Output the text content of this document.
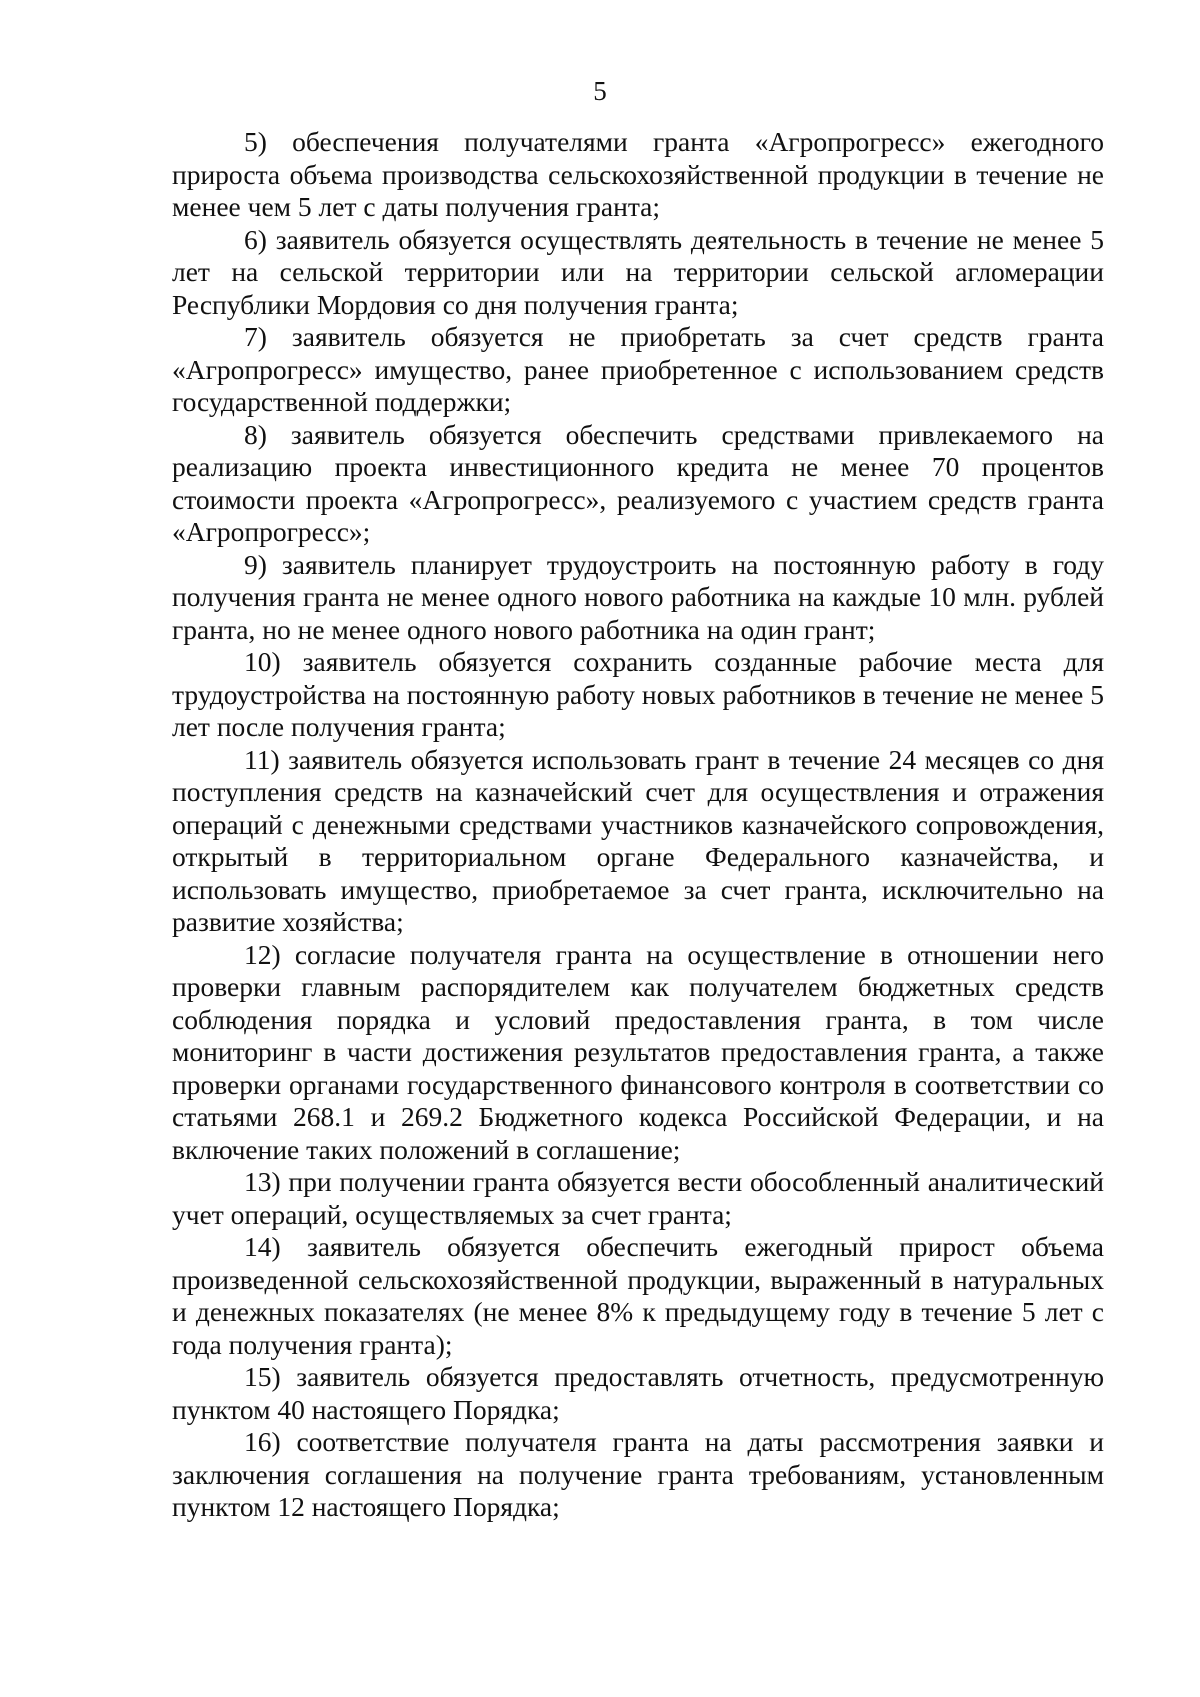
5

5) обеспечения получателями гранта «Агропрогресс» ежегодного прироста объема производства сельскохозяйственной продукции в течение не менее чем 5 лет с даты получения гранта;

6) заявитель обязуется осуществлять деятельность в течение не менее 5 лет на сельской территории или на территории сельской агломерации Республики Мордовия со дня получения гранта;

7) заявитель обязуется не приобретать за счет средств гранта «Агропрогресс» имущество, ранее приобретенное с использованием средств государственной поддержки;

8) заявитель обязуется обеспечить средствами привлекаемого на реализацию проекта инвестиционного кредита не менее 70 процентов стоимости проекта «Агропрогресс», реализуемого с участием средств гранта «Агропрогресс»;

9) заявитель планирует трудоустроить на постоянную работу в году получения гранта не менее одного нового работника на каждые 10 млн. рублей гранта, но не менее одного нового работника на один грант;

10) заявитель обязуется сохранить созданные рабочие места для трудоустройства на постоянную работу новых работников в течение не менее 5 лет после получения гранта;

11) заявитель обязуется использовать грант в течение 24 месяцев со дня поступления средств на казначейский счет для осуществления и отражения операций с денежными средствами участников казначейского сопровождения, открытый в территориальном органе Федерального казначейства, и использовать имущество, приобретаемое за счет гранта, исключительно на развитие хозяйства;

12) согласие получателя гранта на осуществление в отношении него проверки главным распорядителем как получателем бюджетных средств соблюдения порядка и условий предоставления гранта, в том числе мониторинг в части достижения результатов предоставления гранта, а также проверки органами государственного финансового контроля в соответствии со статьями 268.1 и 269.2 Бюджетного кодекса Российской Федерации, и на включение таких положений в соглашение;

13) при получении гранта обязуется вести обособленный аналитический учет операций, осуществляемых за счет гранта;

14) заявитель обязуется обеспечить ежегодный прирост объема произведенной сельскохозяйственной продукции, выраженный в натуральных и денежных показателях (не менее 8% к предыдущему году в течение 5 лет с года получения гранта);

15) заявитель обязуется предоставлять отчетность, предусмотренную пунктом 40 настоящего Порядка;

16) соответствие получателя гранта на даты рассмотрения заявки и заключения соглашения на получение гранта требованиям, установленным пунктом 12 настоящего Порядка;
